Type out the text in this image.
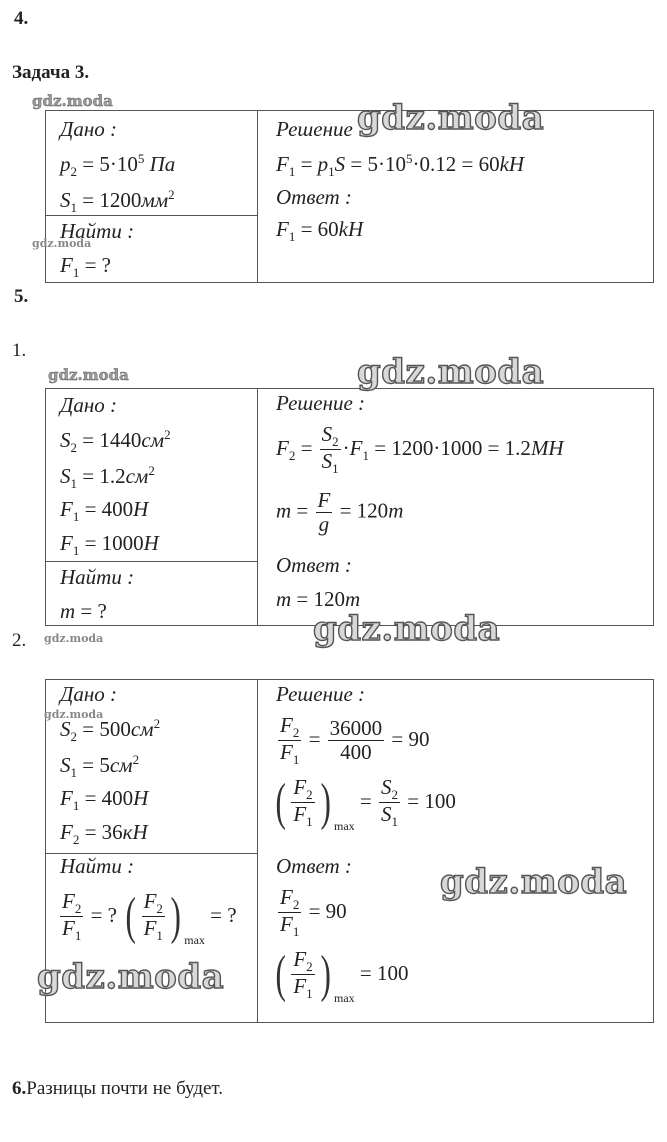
4.
Задача 3.
Дано :
$p_2 = 5\cdot 10^5$ Па
$S_1 = 1200мм^2$
Найти :
$F_1$ = ?
Решение :
$F_1 = p_1S = 5\cdot 10^5\cdot 0.12 = 60kH$
Ответ :
$F_1 = 60kH$
5.
1.
Дано :
$S_2 = 1440см^2$
$S_1 = 1.2см^2$
$F_1 = 400Н$
$F_1 = 1000Н$
Найти :
m = ?
Решение :
$F_2 = \frac{S_2}{S_1} \cdot F_1 = 1200\cdot 1000 = 1.2МН$
$m = \frac{F}{g} = 120т$
Ответ :
m = 120т
2.
Дано :
$S_2 = 500см^2$
$S_1 = 5см^2$
$F_1 = 400Н$
$F_2 = 36кН$
Найти :
$\frac{F_2}{F_1}$ = ? ( $\frac{F_2}{F_1}$ ) max
= ?
Решение :
$\frac{F_2}{F_1} = \frac{36000}{400} = 90$
( $\frac{F_2}{F_1}$ ) max
= $\frac{S_2}{S_1} = 100$
Ответ :
$\frac{F_2}{F_1} = 90$
( $\frac{F_2}{F_1}$ ) max
= 100
6.Разницы почти не будет.
gdz.moda	gdz.moda
gdz.moda
gdz.moda	gdz.moda
gdz.moda	gdz.moda
gdz.moda
gdz.moda
gdz.moda
